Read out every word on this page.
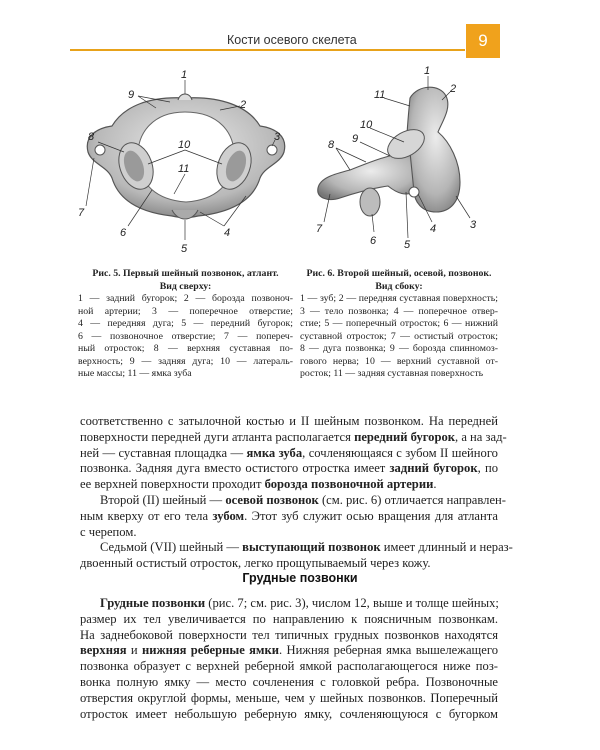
Кости осевого скелета	9
1
9
2
8	3
10
11
7
6	4
5
1
11	2
10
9
8
7
6	5
4	3
Рис. 5. Первый шейный позвонок, атлант.
Вид сверху:
1 — задний бугорок; 2 — борозда позвоноч-
ной артерии; 3 — поперечное отверстие;
4 — передняя дуга; 5 — передний бугорок;
6 — позвоночное отверстие; 7 — попереч-
ный отросток; 8 — верхняя суставная по-
верхность; 9 — задняя дуга; 10 — латераль-
ные массы; 11 — ямка зуба
Рис. 6. Второй шейный, осевой, позвонок.
Вид сбоку:
1 — зуб; 2 — передняя суставная поверхность;
3 — тело позвонка; 4 — поперечное отвер-
стие; 5 — поперечный отросток; 6 — нижний
суставной отросток; 7 — остистый отросток;
8 — дуга позвонка; 9 — борозда спинномоз-
гового нерва; 10 — верхний суставной от-
росток; 11 — задняя суставная поверхность
соответственно с затылочной костью и II шейным позвонком. На передней
поверхности передней дуги атланта располагается передний бугорок, а на зад-
ней — суставная площадка — ямка зуба, сочленяющаяся с зубом II шейного
позвонка. Задняя дуга вместо остистого отростка имеет задний бугорок, по
ее верхней поверхности проходит борозда позвоночной артерии.
Второй (II) шейный — осевой позвонок (см. рис. 6) отличается направлен-
ным кверху от его тела зубом. Этот зуб служит осью вращения для атланта
с черепом.
Седьмой (VII) шейный — выступающий позвонок имеет длинный и нерaз-
двоенный остистый отросток, легко прощупываемый через кожу.
Грудные позвонки
Грудные позвонки (рис. 7; см. рис. 3), числом 12, выше и толще шейных;
размер их тел увеличивается по направлению к поясничным позвонкам.
На заднебоковой поверхности тел типичных грудных позвонков находятся
верхняя и нижняя реберные ямки. Нижняя реберная ямка вышележащего
позвонка образует с верхней реберной ямкой располагающегося ниже поз-
вонка полную ямку — место сочленения с головкой ребра. Позвоночные
отверстия округлой формы, меньше, чем у шейных позвонков. Поперечный
отросток имеет небольшую реберную ямку, сочленяющуюся с бугорком
